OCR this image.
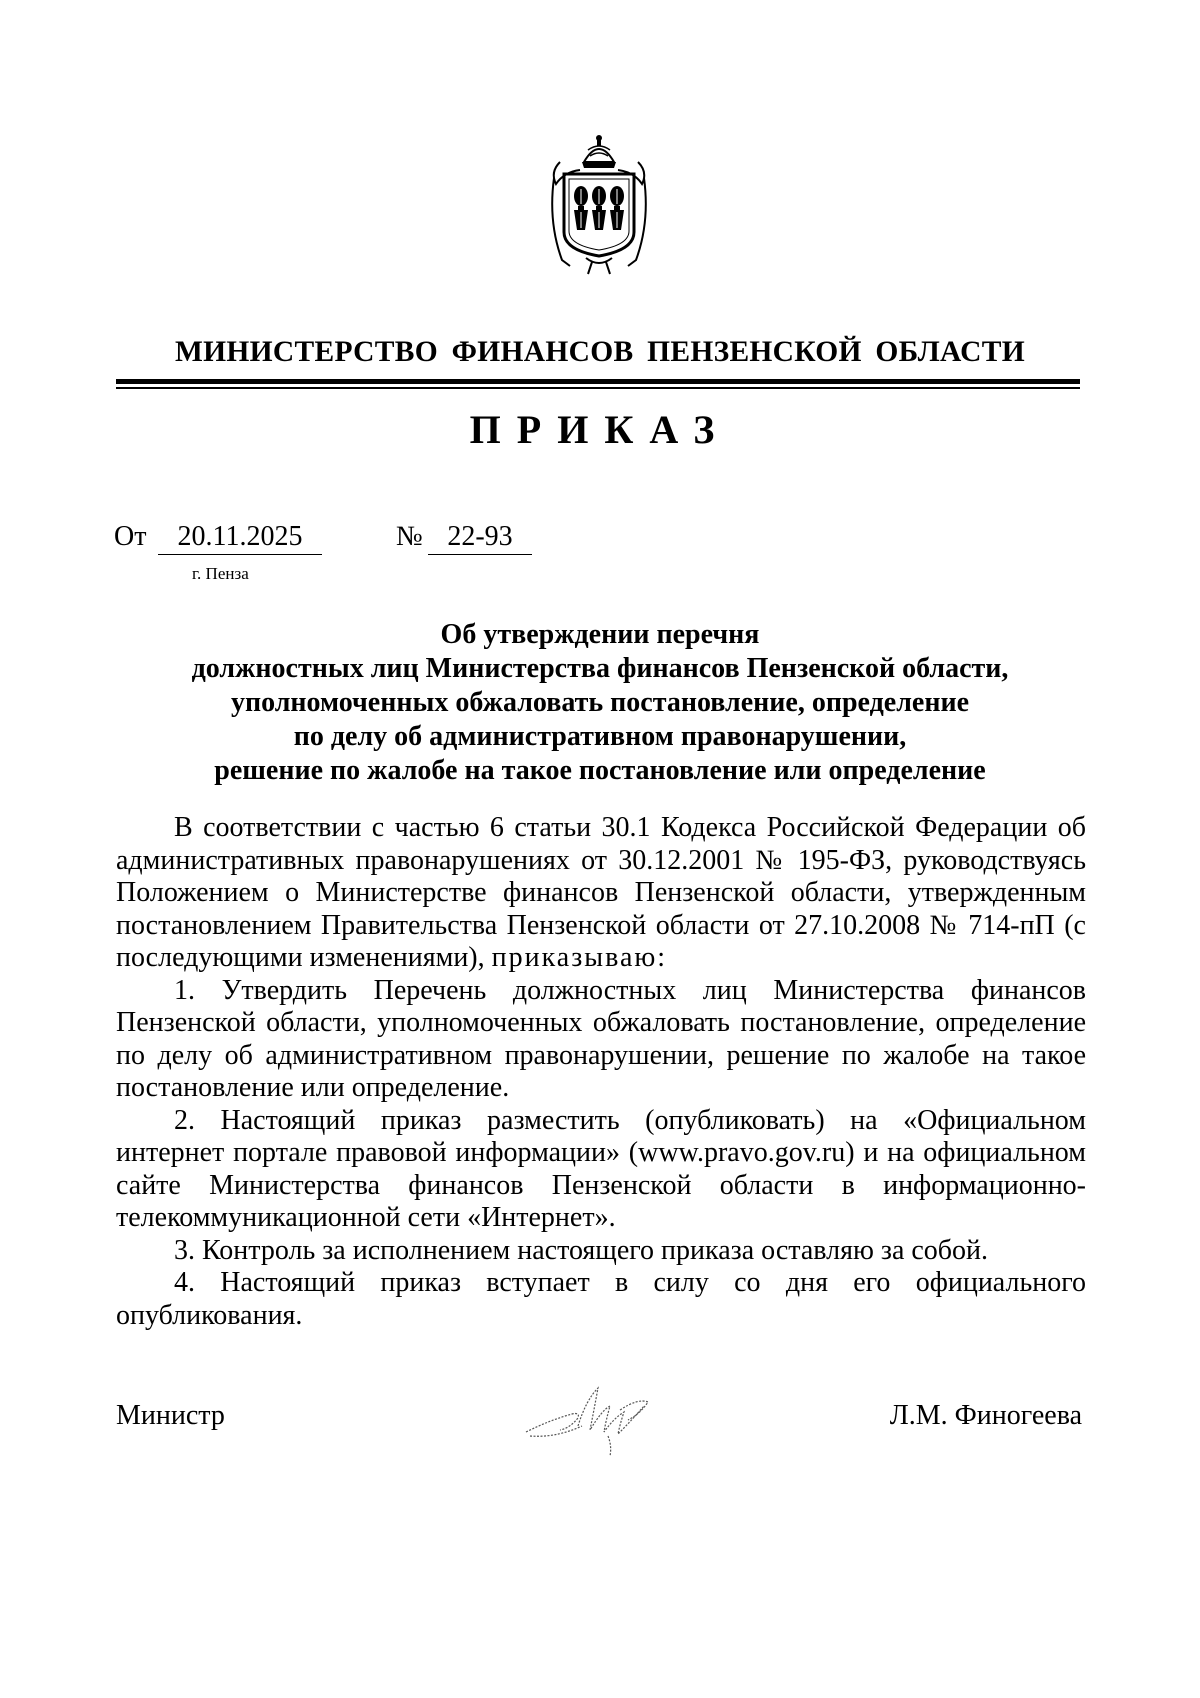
МИНИСТЕРСТВО ФИНАНСОВ ПЕНЗЕНСКОЙ ОБЛАСТИ
ПРИКАЗ
От	20.11.2025	№ 22-93
г. Пенза
Об утверждении перечня
должностных лиц Министерства финансов Пензенской области,
уполномоченных обжаловать постановление, определение
по делу об административном правонарушении,
решение по жалобе на такое постановление или определение

В соответствии с частью 6 статьи 30.1 Кодекса Российской Федерации об административных правонарушениях от 30.12.2001 № 195-ФЗ, руководствуясь Положением о Министерстве финансов Пензенской области, утвержденным постановлением Правительства Пензенской области от 27.10.2008 № 714-пП (с последующими изменениями), приказываю:

1. Утвердить Перечень должностных лиц Министерства финансов Пензенской области, уполномоченных обжаловать постановление, определение по делу об административном правонарушении, решение по жалобе на такое постановление или определение.

2. Настоящий приказ разместить (опубликовать) на «Официальном интернет портале правовой информации» (www.pravo.gov.ru) и на официальном сайте Министерства финансов Пензенской области в информационно-телекоммуникационной сети «Интернет».

3. Контроль за исполнением настоящего приказа оставляю за собой.

4. Настоящий приказ вступает в силу со дня его официального опубликования.

Министр	Л.М. Финогеева
